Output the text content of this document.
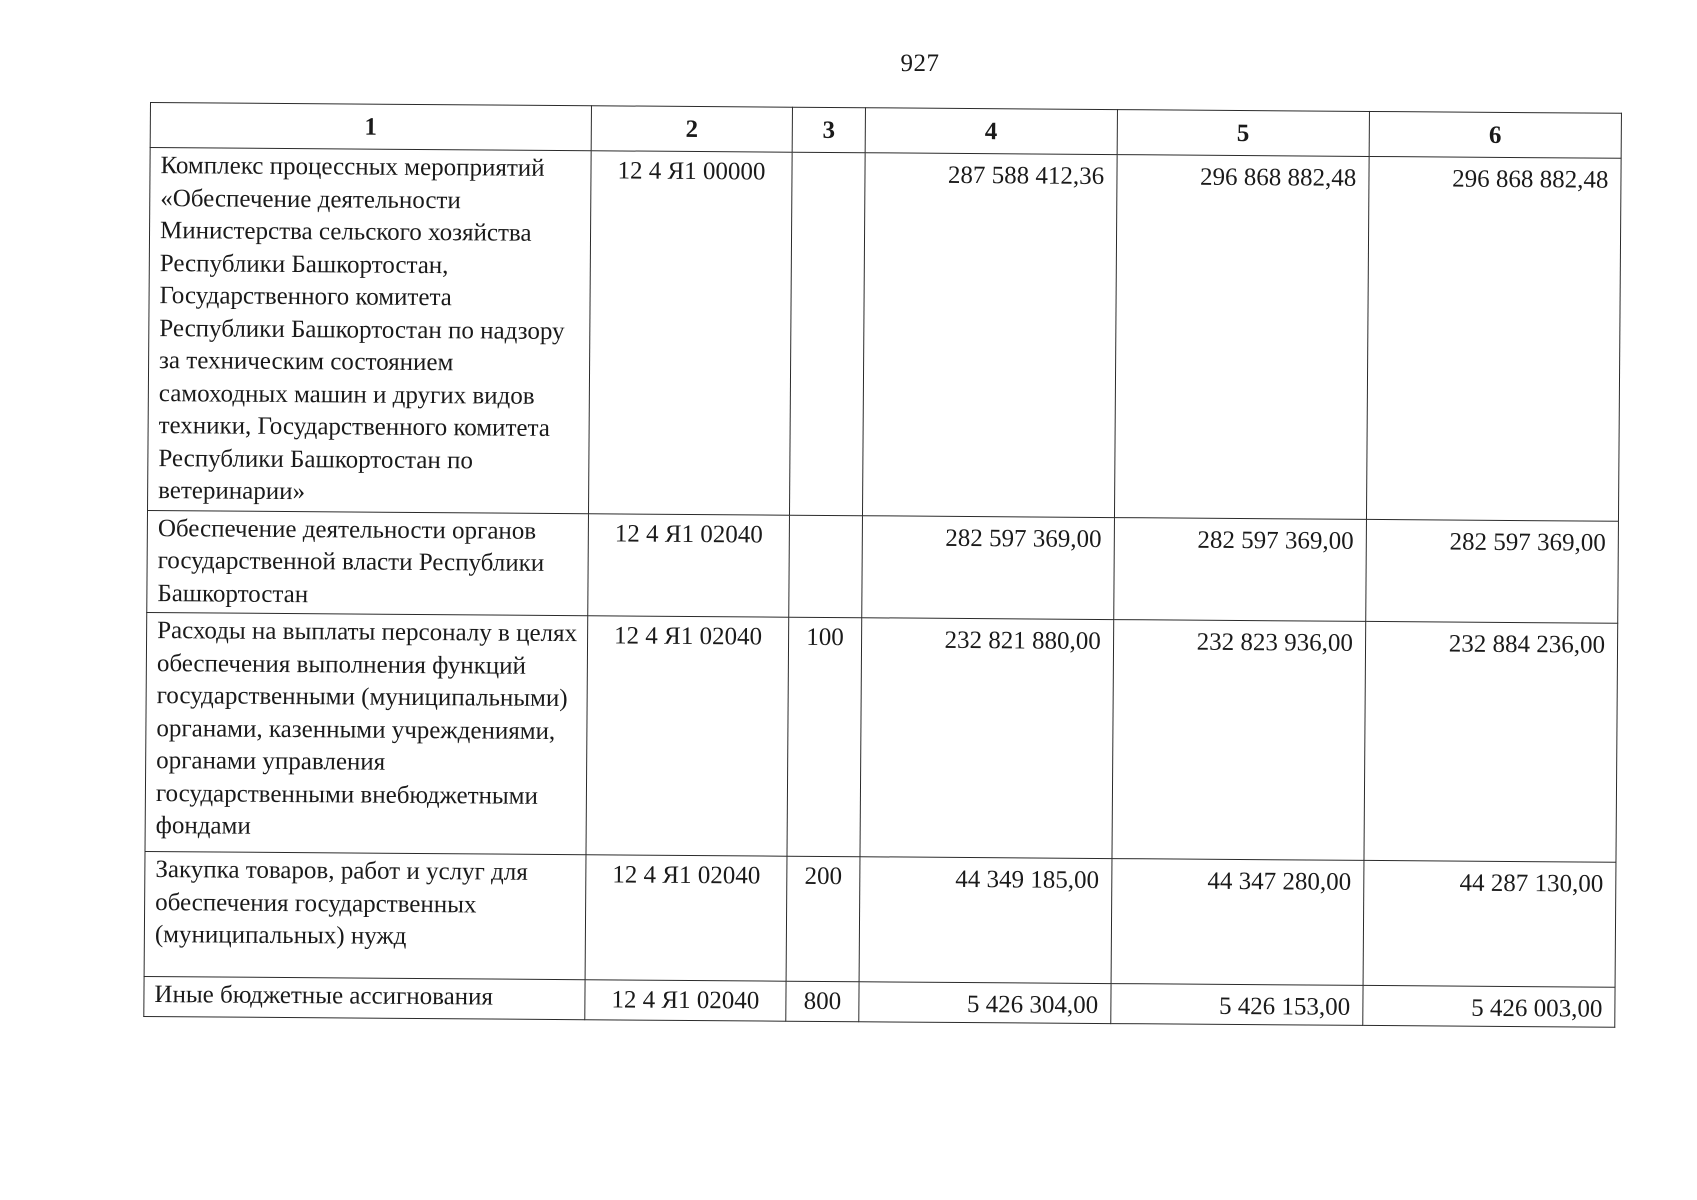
927
1	2	3	4	5	6
Комплекс процессных мероприятий «Обеспечение деятельности Министерства сельского хозяйства Республики Башкортостан, Государственного комитета Республики Башкортостан по надзору за техническим состоянием самоходных машин и других видов техники, Государственного комитета Республики Башкортостан по ветеринарии»	12 4 Я1 00000		287 588 412,36	296 868 882,48	296 868 882,48
Обеспечение деятельности органов государственной власти Республики Башкортостан	12 4 Я1 02040		282 597 369,00	282 597 369,00	282 597 369,00
Расходы на выплаты персоналу в целях обеспечения выполнения функций государственными (муниципальными) органами, казенными учреждениями, органами управления государственными внебюджетными фондами	12 4 Я1 02040	100	232 821 880,00	232 823 936,00	232 884 236,00
Закупка товаров, работ и услуг для обеспечения государственных (муниципальных) нужд	12 4 Я1 02040	200	44 349 185,00	44 347 280,00	44 287 130,00
Иные бюджетные ассигнования	12 4 Я1 02040	800	5 426 304,00	5 426 153,00	5 426 003,00
